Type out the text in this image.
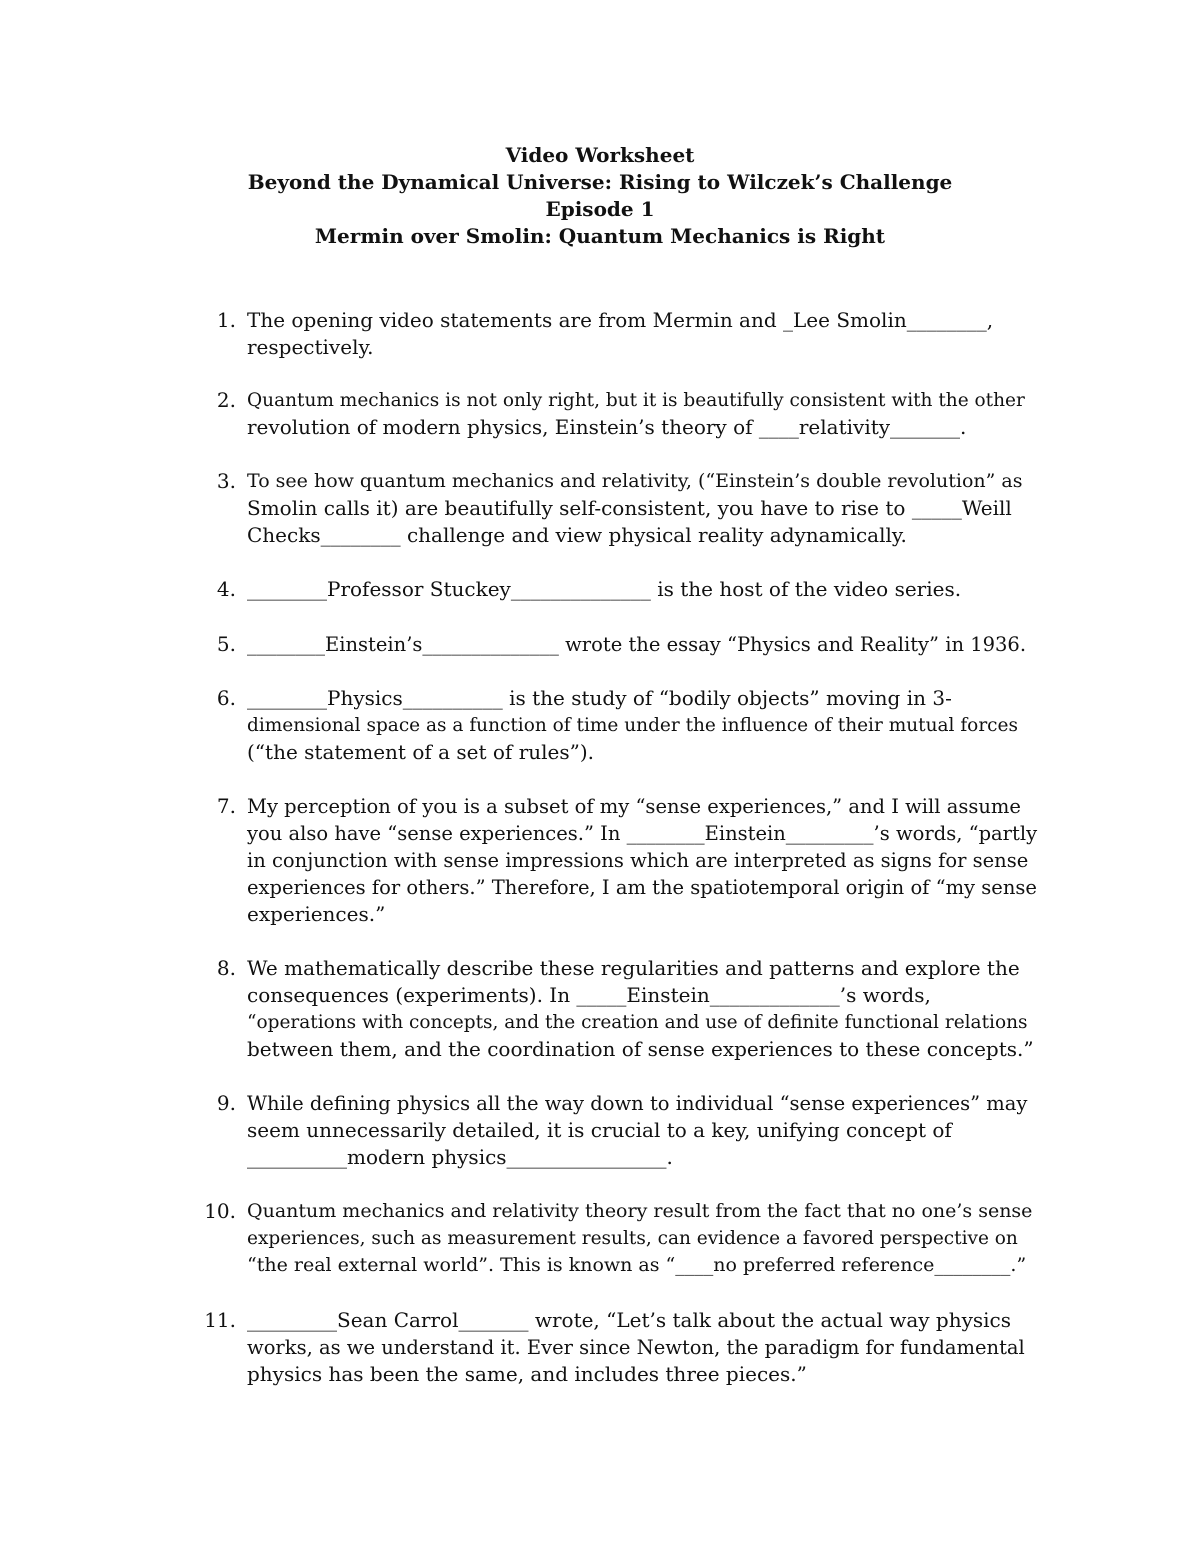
Video Worksheet
Beyond the Dynamical Universe: Rising to Wilczek’s Challenge
Episode 1
Mermin over Smolin: Quantum Mechanics is Right
1. The opening video statements are from Mermin and _Lee Smolin________,
respectively.
2. Quantum mechanics is not only right, but it is beautifully consistent with the other
revolution of modern physics, Einstein’s theory of ____relativity_______.
3. To see how quantum mechanics and relativity, (“Einstein’s double revolution” as
Smolin calls it) are beautifully self-consistent, you have to rise to _____Weill
Checks________ challenge and view physical reality adynamically.
4. ________Professor Stuckey______________ is the host of the video series.
5. ________Einstein’s______________ wrote the essay “Physics and Reality” in 1936.
6. ________Physics__________ is the study of “bodily objects” moving in 3-
dimensional space as a function of time under the influence of their mutual forces
(“the statement of a set of rules”).
7. My perception of you is a subset of my “sense experiences,” and I will assume
you also have “sense experiences.” In ________Einstein_________’s words, “partly
in conjunction with sense impressions which are interpreted as signs for sense
experiences for others.” Therefore, I am the spatiotemporal origin of “my sense
experiences.”
8. We mathematically describe these regularities and patterns and explore the
consequences (experiments). In _____Einstein_____________’s words,
“operations with concepts, and the creation and use of definite functional relations
between them, and the coordination of sense experiences to these concepts.”
9. While defining physics all the way down to individual “sense experiences” may
seem unnecessarily detailed, it is crucial to a key, unifying concept of
__________modern physics________________.
10. Quantum mechanics and relativity theory result from the fact that no one’s sense
experiences, such as measurement results, can evidence a favored perspective on
“the real external world”. This is known as “____no preferred reference________.”
11. _________Sean Carrol_______ wrote, “Let’s talk about the actual way physics
works, as we understand it. Ever since Newton, the paradigm for fundamental
physics has been the same, and includes three pieces.”
